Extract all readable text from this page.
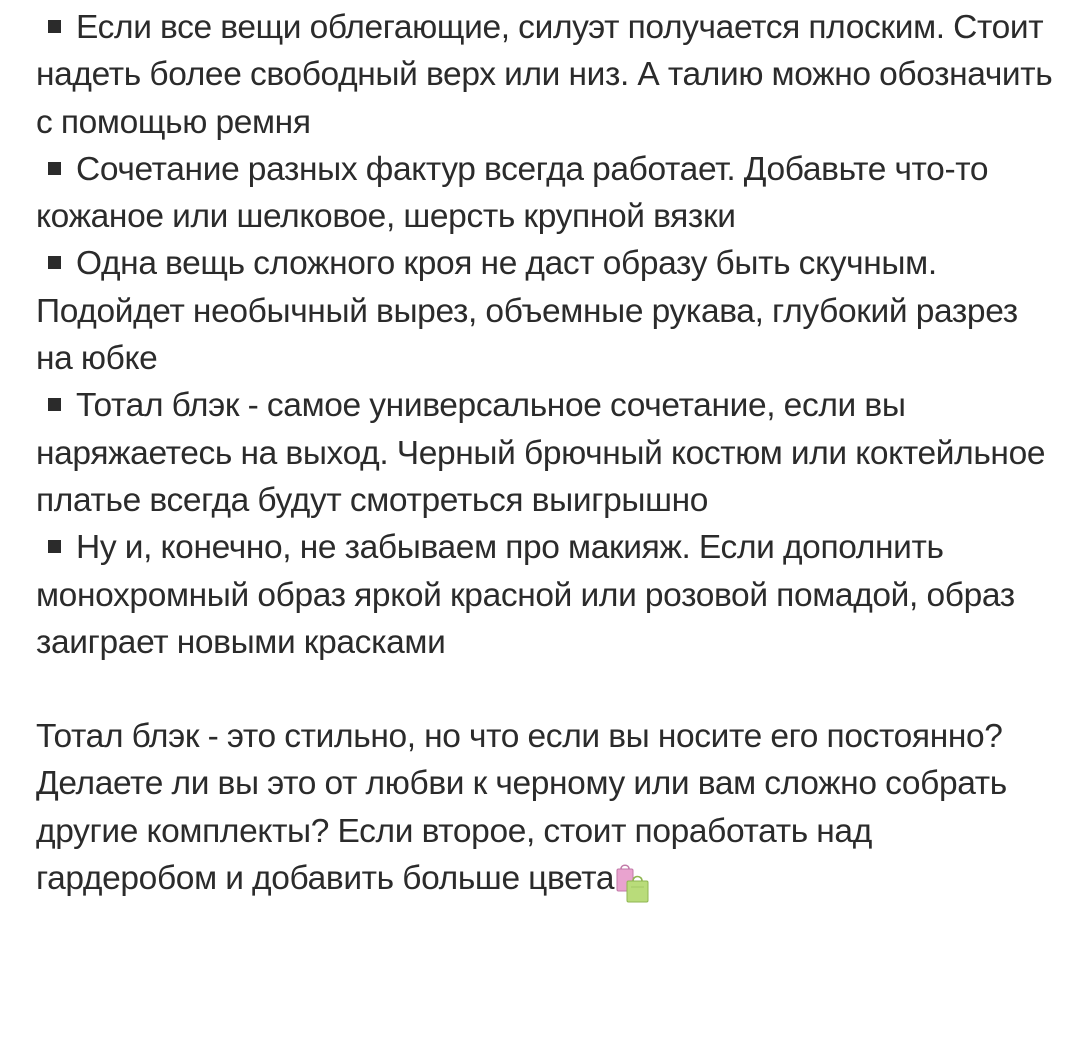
Если все вещи облегающие, силуэт получается плоским. Стоит надеть более свободный верх или низ. А талию можно обозначить с помощью ремня

Сочетание разных фактур всегда работает. Добавьте что-то кожаное или шелковое, шерсть крупной вязки

Одна вещь сложного кроя не даст образу быть скучным. Подойдет необычный вырез, объемные рукава, глубокий разрез на юбке

Тотал блэк - самое универсальное сочетание, если вы наряжаетесь на выход. Черный брючный костюм или коктейльное платье всегда будут смотреться выигрышно

Ну и, конечно, не забываем про макияж. Если дополнить монохромный образ яркой красной или розовой помадой, образ заиграет новыми красками

Тотал блэк - это стильно, но что если вы носите его постоянно? Делаете ли вы это от любви к черному или вам сложно собрать другие комплекты? Если второе, стоит поработать над гардеробом и добавить больше цвета
